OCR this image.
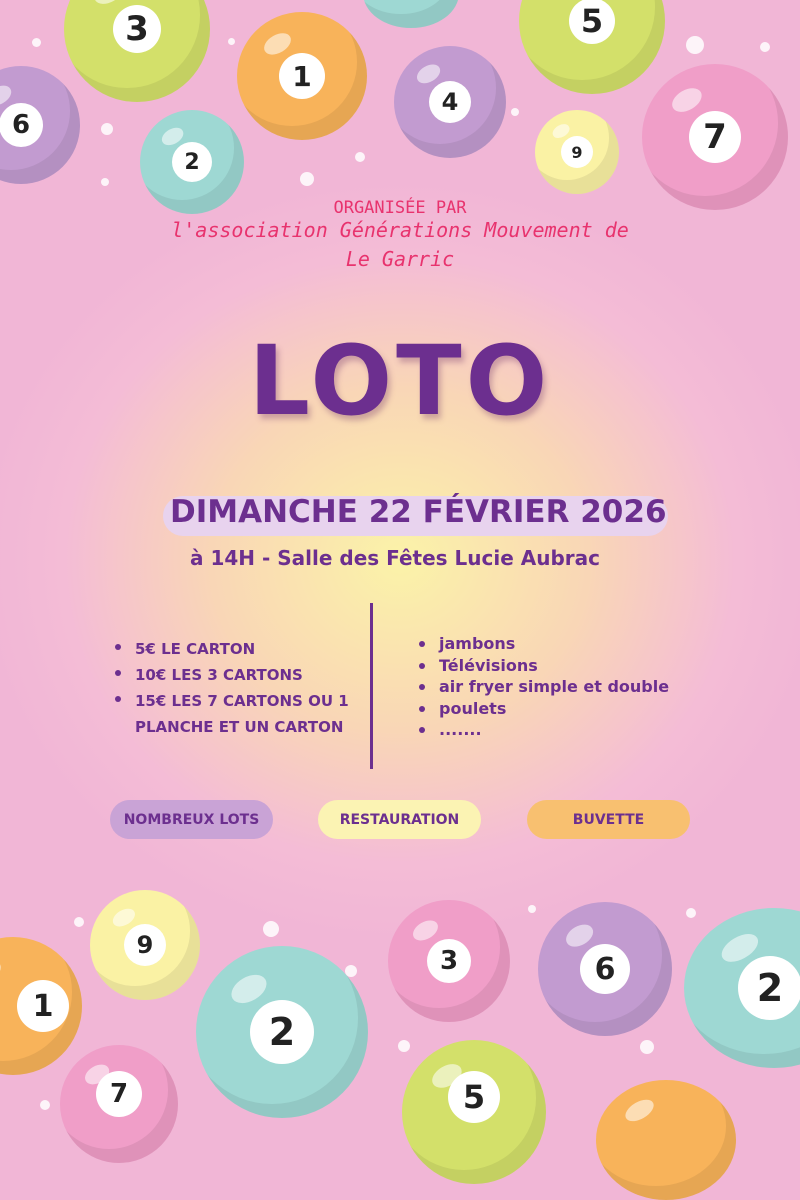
3	5
1
6
4
7
2	9
9
1
3	6
2
2
7	5
ORGANISÉE PAR
l'association Générations Mouvement de
Le Garric
LOTO
DIMANCHE 22 FÉVRIER 2026
à 14H - Salle des Fêtes Lucie Aubrac
5€ LE CARTON
10€ LES 3 CARTONS
15€ LES 7 CARTONS OU 1 PLANCHE ET UN CARTON
jambons
Télévisions
air fryer simple et double
poulets
.......
NOMBREUX LOTS	RESTAURATION	BUVETTE
